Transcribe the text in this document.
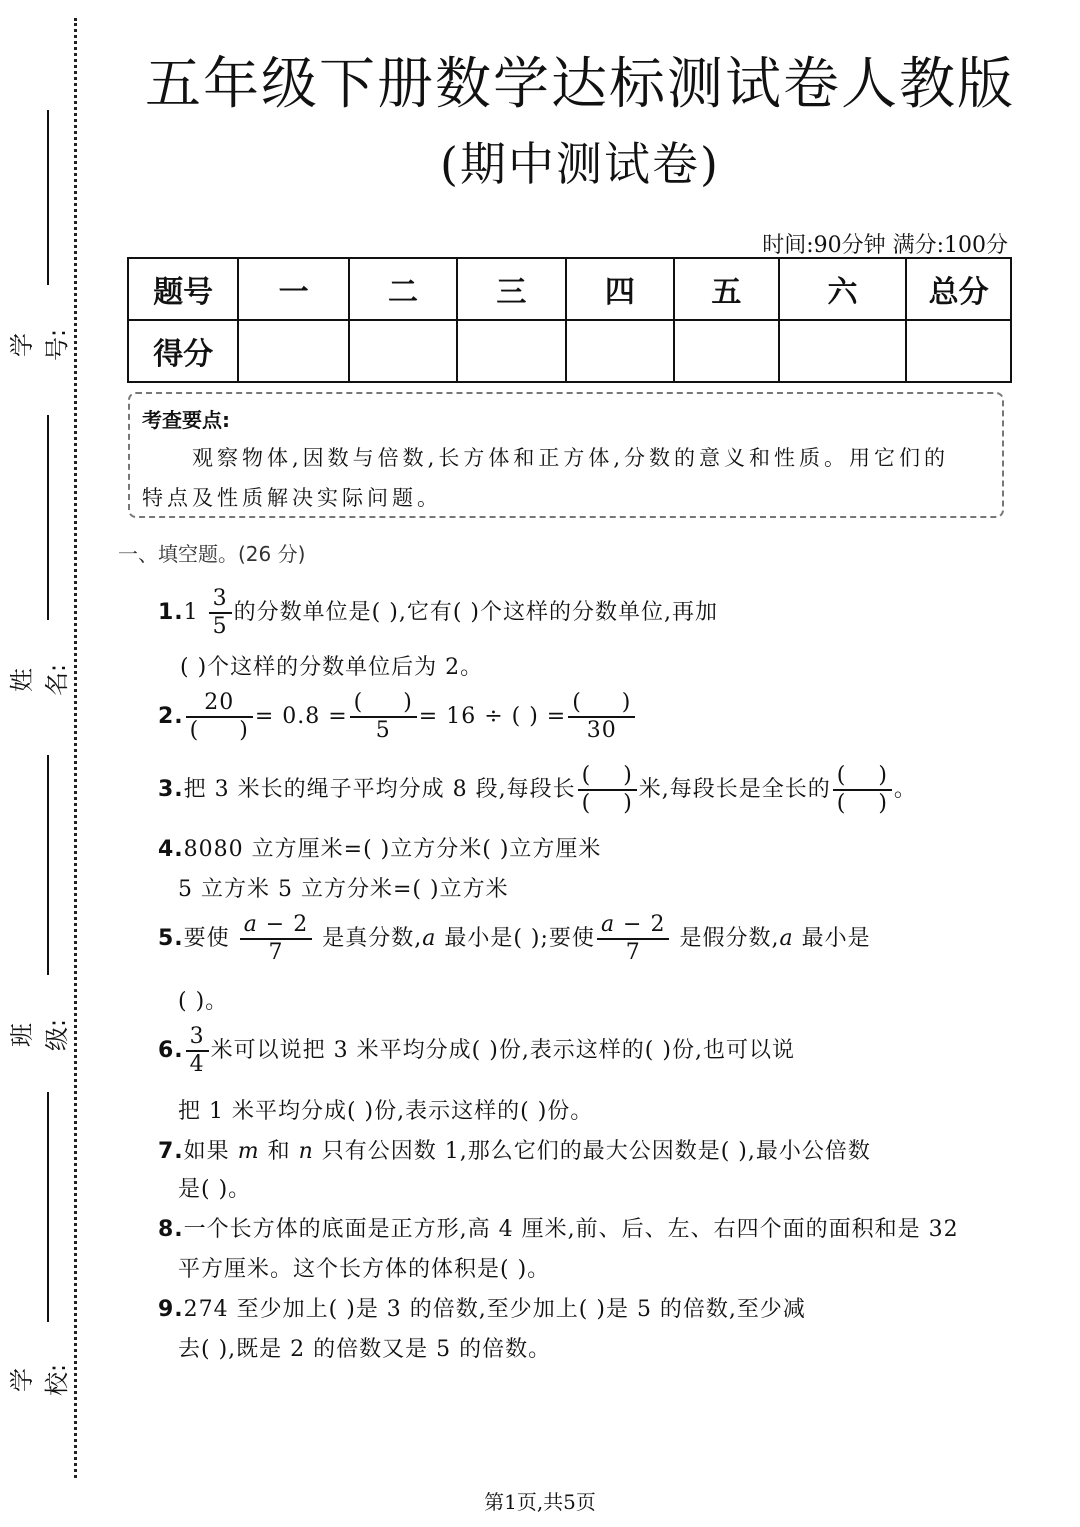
学号:
姓名:
班级:
学校:
五年级下册数学达标测试卷人教版
(期中测试卷)
时间:90分钟 满分:100分
题号	一	二	三	四	五	六	总分
得分							
考查要点:
观察物体,因数与倍数,长方体和正方体,分数的意义和性质。用它们的
特点及性质解决实际问题。
一、填空题。(26 分)
$1.1 \frac{3}{5}$ 的分数单位是( ),它有( )个这样的分数单位,再加
( )个这样的分数单位后为 2。
2. $\frac{20}{( )} = 0.8 = \frac{( )}{5} = 16$ ÷ ( ) = $\frac{( )}{30}$
3.把 3 米长的绳子平均分成 8 段,每段长 $\frac{( )}{( )}$ 米,每段长是全长的 $\frac{( )}{( )}$ 。
4.8080 立方厘米=( )立方分米( )立方厘米
5 立方米 5 立方分米=( )立方米
5.要使 $\frac{a - 2}{7}$ 是真分数,a 最小是( );要使 $\frac{a - 2}{7}$ 是假分数,a 最小是
( )。
6. $\frac{3}{4}$ 米可以说把 3 米平均分成( )份,表示这样的( )份,也可以说
把 1 米平均分成( )份,表示这样的( )份。
7.如果 m 和 n 只有公因数 1,那么它们的最大公因数是( ),最小公倍数
是( )。
8.一个长方体的底面是正方形,高 4 厘米,前、后、左、右四个面的面积和是 32
平方厘米。这个长方体的体积是( )。
9.274 至少加上( )是 3 的倍数,至少加上( )是 5 的倍数,至少减
去( ),既是 2 的倍数又是 5 的倍数。
第1页,共5页
